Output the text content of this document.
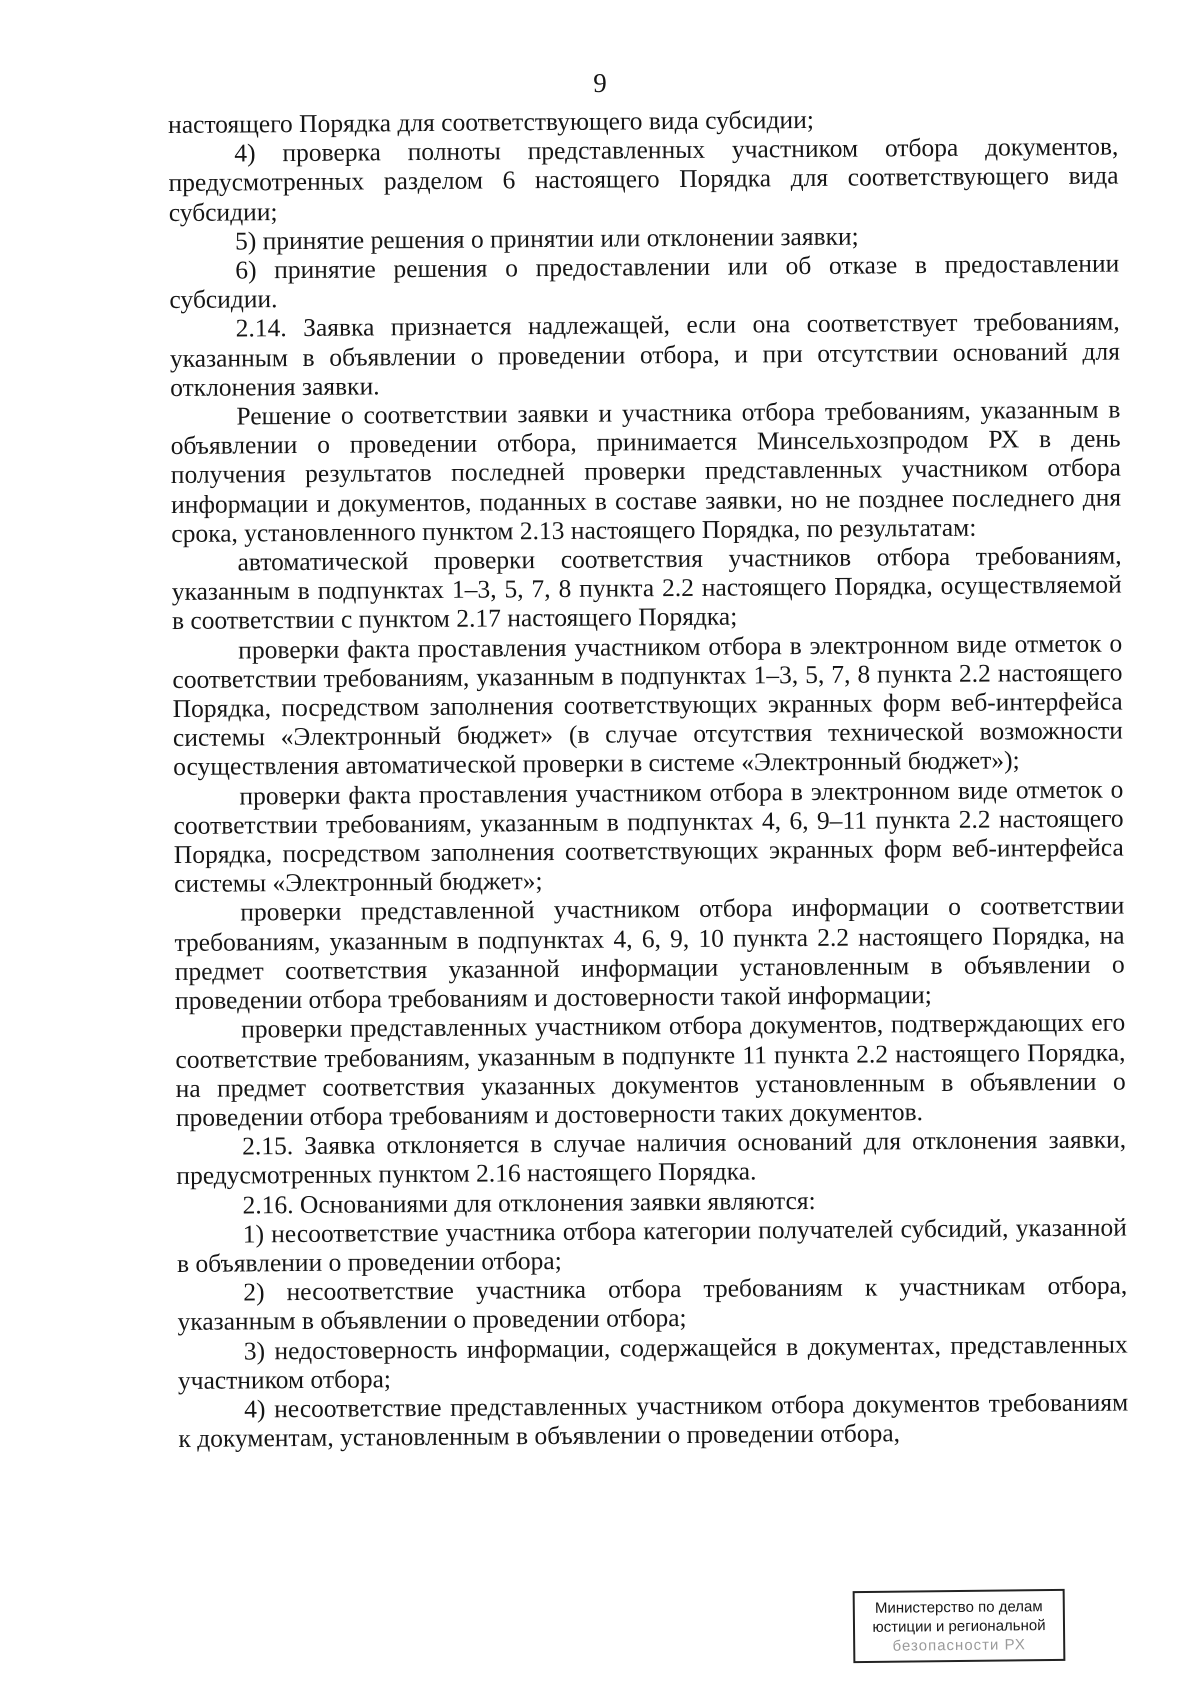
9

настоящего Порядка для соответствующего вида субсидии;

4) проверка полноты представленных участником отбора документов, предусмотренных разделом 6 настоящего Порядка для соответствующего вида субсидии;

5) принятие решения о принятии или отклонении заявки;

6) принятие решения о предоставлении или об отказе в предоставлении субсидии.

2.14. Заявка признается надлежащей, если она соответствует требованиям, указанным в объявлении о проведении отбора, и при отсутствии оснований для отклонения заявки.

Решение о соответствии заявки и участника отбора требованиям, указанным в объявлении о проведении отбора, принимается Минсельхозпродом РХ в день получения результатов последней проверки представленных участником отбора информации и документов, поданных в составе заявки, но не позднее последнего дня срока, установленного пунктом 2.13 настоящего Порядка, по результатам:

автоматической проверки соответствия участников отбора требованиям, указанным в подпунктах 1–3, 5, 7, 8 пункта 2.2 настоящего Порядка, осуществляемой в соответствии с пунктом 2.17 настоящего Порядка;

проверки факта проставления участником отбора в электронном виде отметок о соответствии требованиям, указанным в подпунктах 1–3, 5, 7, 8 пункта 2.2 настоящего Порядка, посредством заполнения соответствующих экранных форм веб-интерфейса системы «Электронный бюджет» (в случае отсутствия технической возможности осуществления автоматической проверки в системе «Электронный бюджет»);

проверки факта проставления участником отбора в электронном виде отметок о соответствии требованиям, указанным в подпунктах 4, 6, 9–11 пункта 2.2 настоящего Порядка, посредством заполнения соответствующих экранных форм веб-интерфейса системы «Электронный бюджет»;

проверки представленной участником отбора информации о соответствии требованиям, указанным в подпунктах 4, 6, 9, 10 пункта 2.2 настоящего Порядка, на предмет соответствия указанной информации установленным в объявлении о проведении отбора требованиям и достоверности такой информации;

проверки представленных участником отбора документов, подтверждающих его соответствие требованиям, указанным в подпункте 11 пункта 2.2 настоящего Порядка, на предмет соответствия указанных документов установленным в объявлении о проведении отбора требованиям и достоверности таких документов.

2.15. Заявка отклоняется в случае наличия оснований для отклонения заявки, предусмотренных пунктом 2.16 настоящего Порядка.

2.16. Основаниями для отклонения заявки являются:

1) несоответствие участника отбора категории получателей субсидий, указанной в объявлении о проведении отбора;

2) несоответствие участника отбора требованиям к участникам отбора, указанным в объявлении о проведении отбора;

3) недостоверность информации, содержащейся в документах, представленных участником отбора;

4) несоответствие представленных участником отбора документов требованиям к документам, установленным в объявлении о проведении отбора,

Министерство по делам
юстиции и региональной
безопасности РХ
